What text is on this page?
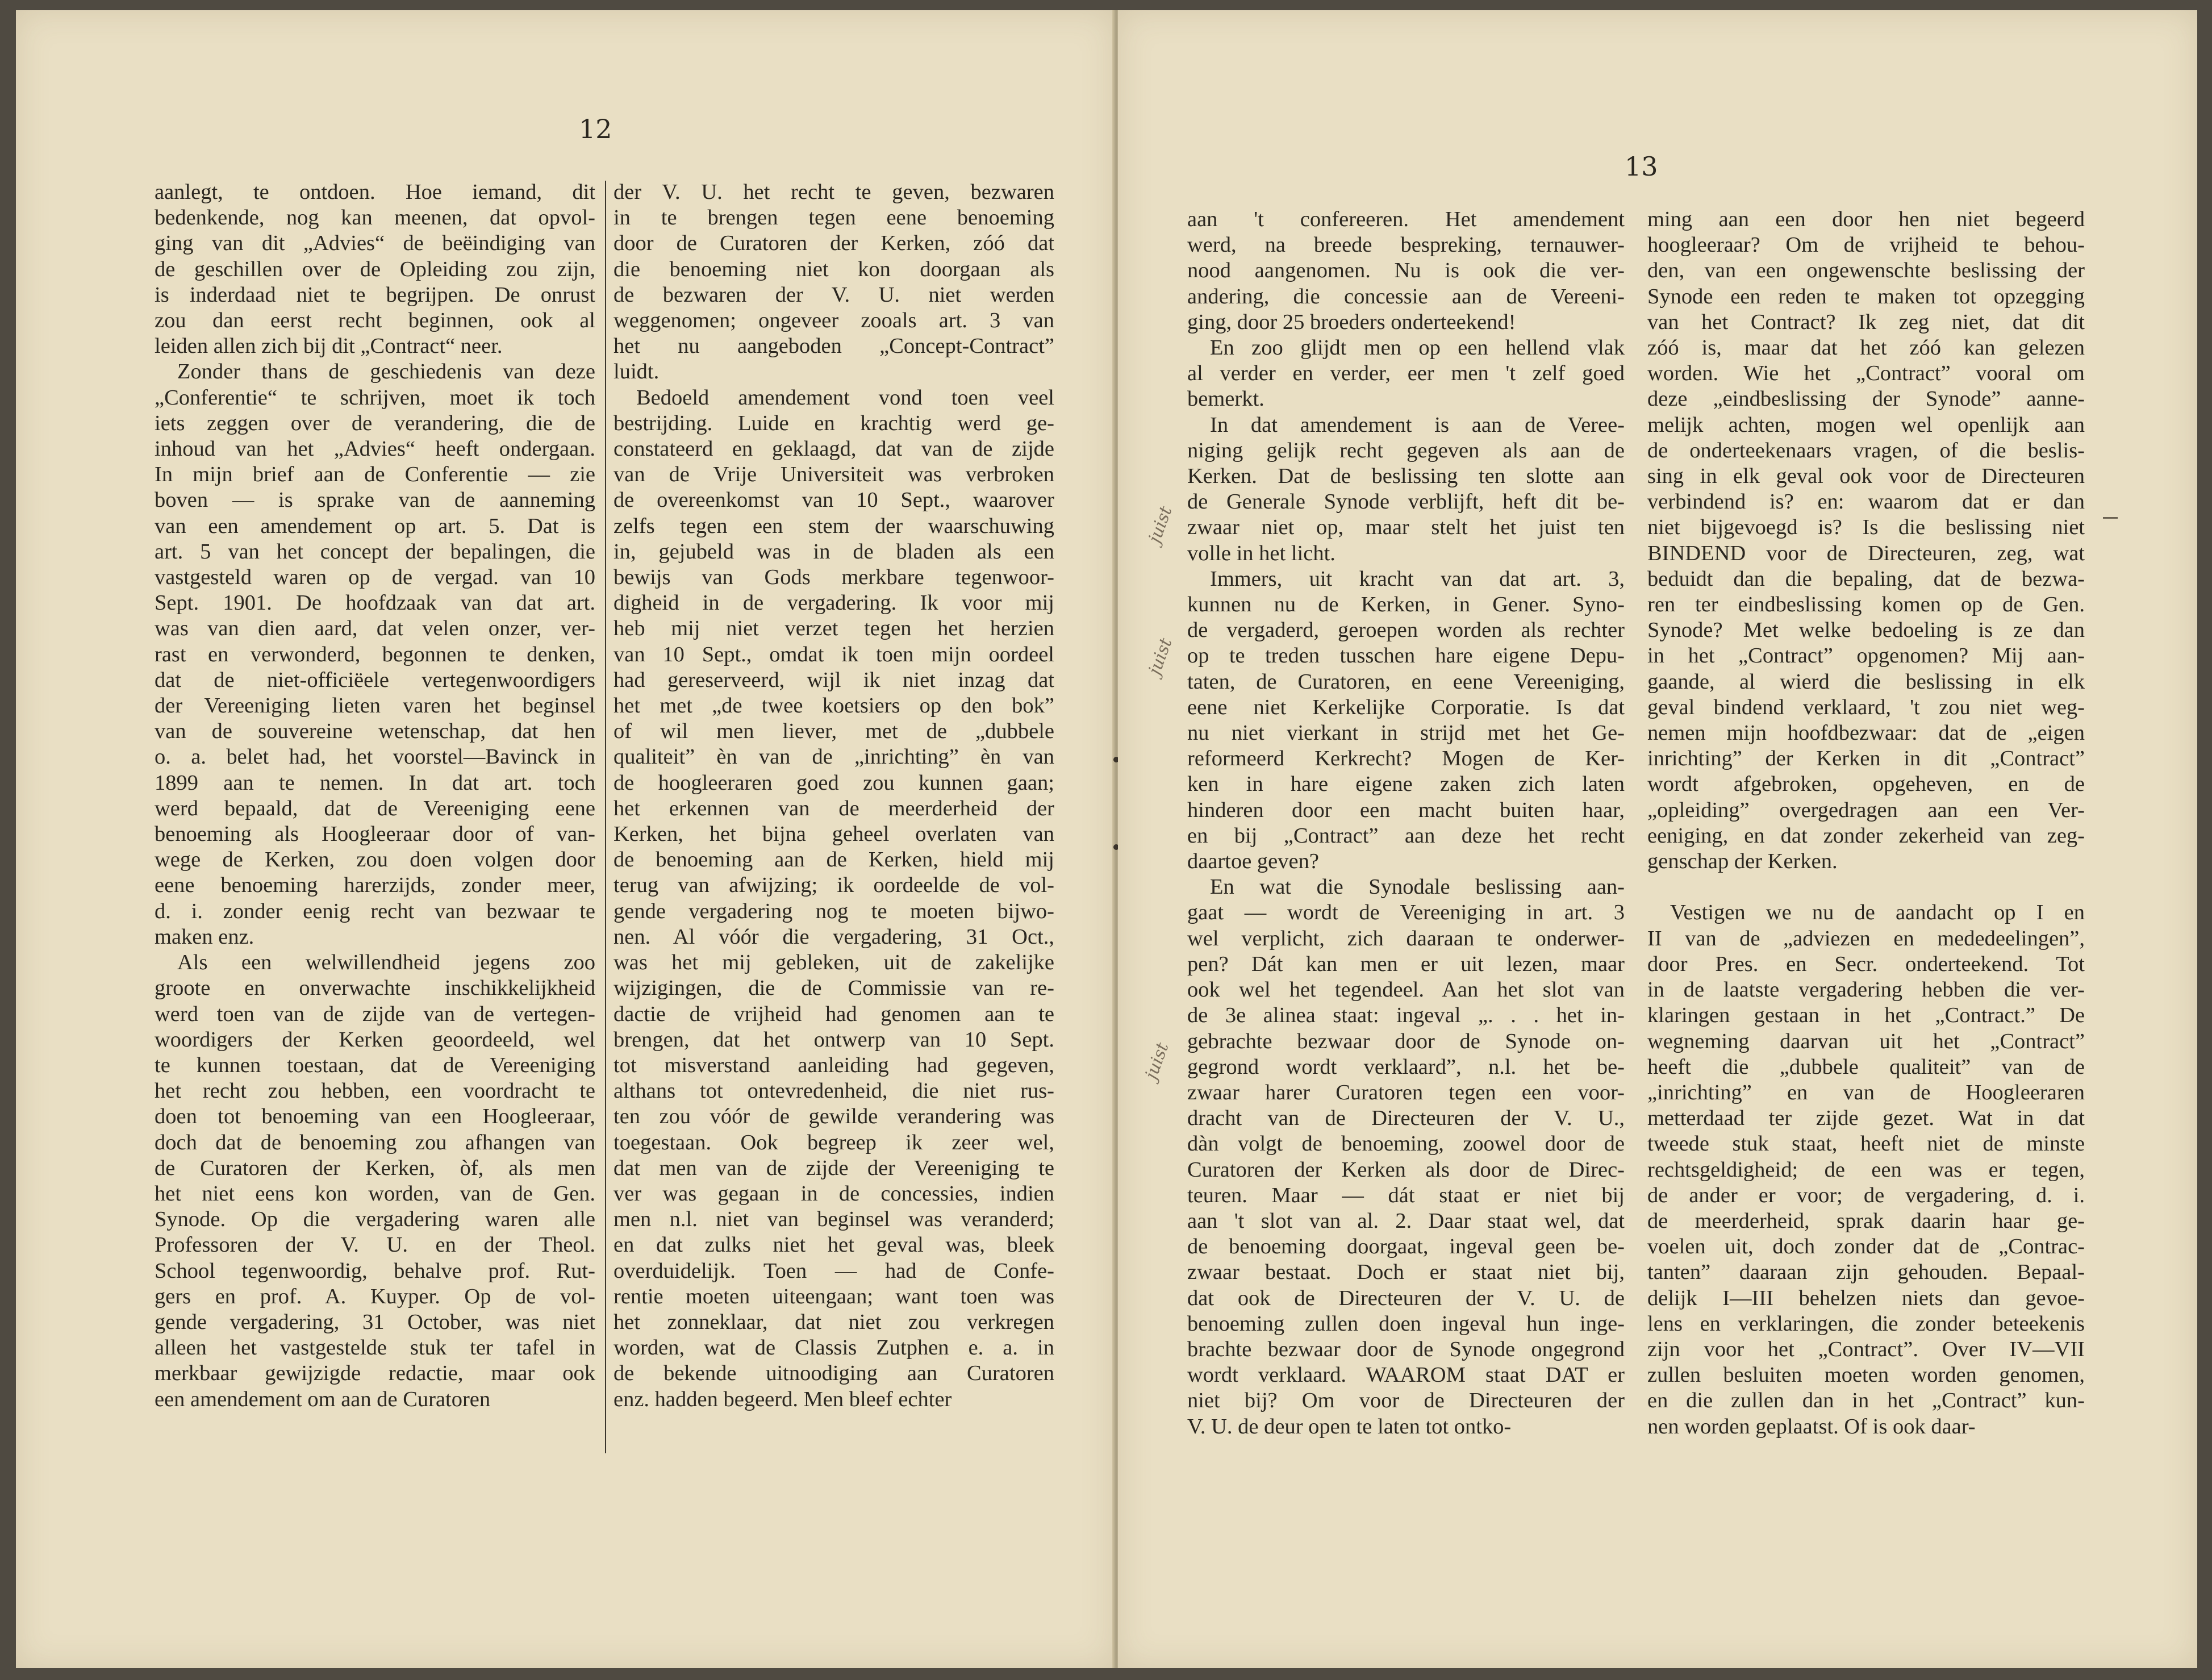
12
aanlegt, te ontdoen. Hoe iemand, dit
bedenkende, nog kan meenen, dat opvol-
ging van dit „Advies“ de beëindiging van
de geschillen over de Opleiding zou zijn,
is inderdaad niet te begrijpen. De onrust
zou dan eerst recht beginnen, ook al
leiden allen zich bij dit „Contract“ neer.
Zonder thans de geschiedenis van deze
„Conferentie“ te schrijven, moet ik toch
iets zeggen over de verandering, die de
inhoud van het „Advies“ heeft ondergaan.
In mijn brief aan de Conferentie — zie
boven — is sprake van de aanneming
van een amendement op art. 5. Dat is
art. 5 van het concept der bepalingen, die
vastgesteld waren op de vergad. van 10
Sept. 1901. De hoofdzaak van dat art.
was van dien aard, dat velen onzer, ver-
rast en verwonderd, begonnen te denken,
dat de niet-officiëele vertegenwoordigers
der Vereeniging lieten varen het beginsel
van de souvereine wetenschap, dat hen
o. a. belet had, het voorstel—Bavinck in
1899 aan te nemen. In dat art. toch
werd bepaald, dat de Vereeniging eene
benoeming als Hoogleeraar door of van-
wege de Kerken, zou doen volgen door
eene benoeming harerzijds, zonder meer,
d. i. zonder eenig recht van bezwaar te
maken enz.
Als een welwillendheid jegens zoo
groote en onverwachte inschikkelijkheid
werd toen van de zijde van de vertegen-
woordigers der Kerken geoordeeld, wel
te kunnen toestaan, dat de Vereeniging
het recht zou hebben, een voordracht te
doen tot benoeming van een Hoogleeraar,
doch dat de benoeming zou afhangen van
de Curatoren der Kerken, òf, als men
het niet eens kon worden, van de Gen.
Synode. Op die vergadering waren alle
Professoren der V. U. en der Theol.
School tegenwoordig, behalve prof. Rut-
gers en prof. A. Kuyper. Op de vol-
gende vergadering, 31 October, was niet
alleen het vastgestelde stuk ter tafel in
merkbaar gewijzigde redactie, maar ook
een amendement om aan de Curatoren
der V. U. het recht te geven, bezwaren
in te brengen tegen eene benoeming
door de Curatoren der Kerken, zóó dat
die benoeming niet kon doorgaan als
de bezwaren der V. U. niet werden
weggenomen; ongeveer zooals art. 3 van
het nu aangeboden „Concept-Contract”
luidt.
Bedoeld amendement vond toen veel
bestrijding. Luide en krachtig werd ge-
constateerd en geklaagd, dat van de zijde
van de Vrije Universiteit was verbroken
de overeenkomst van 10 Sept., waarover
zelfs tegen een stem der waarschuwing
in, gejubeld was in de bladen als een
bewijs van Gods merkbare tegenwoor-
digheid in de vergadering. Ik voor mij
heb mij niet verzet tegen het herzien
van 10 Sept., omdat ik toen mijn oordeel
had gereserveerd, wijl ik niet inzag dat
het met „de twee koetsiers op den bok”
of wil men liever, met de „dubbele
qualiteit” èn van de „inrichting” èn van
de hoogleeraren goed zou kunnen gaan;
het erkennen van de meerderheid der
Kerken, het bijna geheel overlaten van
de benoeming aan de Kerken, hield mij
terug van afwijzing; ik oordeelde de vol-
gende vergadering nog te moeten bijwo-
nen. Al vóór die vergadering, 31 Oct.,
was het mij gebleken, uit de zakelijke
wijzigingen, die de Commissie van re-
dactie de vrijheid had genomen aan te
brengen, dat het ontwerp van 10 Sept.
tot misverstand aanleiding had gegeven,
althans tot ontevredenheid, die niet rus-
ten zou vóór de gewilde verandering was
toegestaan. Ook begreep ik zeer wel,
dat men van de zijde der Vereeniging te
ver was gegaan in de concessies, indien
men n.l. niet van beginsel was veranderd;
en dat zulks niet het geval was, bleek
overduidelijk. Toen — had de Confe-
rentie moeten uiteengaan; want toen was
het zonneklaar, dat niet zou verkregen
worden, wat de Classis Zutphen e. a. in
de bekende uitnoodiging aan Curatoren
enz. hadden begeerd. Men bleef echter
13
aan 't confereeren. Het amendement
werd, na breede bespreking, ternauwer-
nood aangenomen. Nu is ook die ver-
andering, die concessie aan de Vereeni-
ging, door 25 broeders onderteekend!
En zoo glijdt men op een hellend vlak
al verder en verder, eer men 't zelf goed
bemerkt.
In dat amendement is aan de Veree-
niging gelijk recht gegeven als aan de
Kerken. Dat de beslissing ten slotte aan
de Generale Synode verblijft, heft dit be-
zwaar niet op, maar stelt het juist ten
volle in het licht.
Immers, uit kracht van dat art. 3,
kunnen nu de Kerken, in Gener. Syno-
de vergaderd, geroepen worden als rechter
op te treden tusschen hare eigene Depu-
taten, de Curatoren, en eene Vereeniging,
eene niet Kerkelijke Corporatie. Is dat
nu niet vierkant in strijd met het Ge-
reformeerd Kerkrecht? Mogen de Ker-
ken in hare eigene zaken zich laten
hinderen door een macht buiten haar,
en bij „Contract” aan deze het recht
daartoe geven?
En wat die Synodale beslissing aan-
gaat — wordt de Vereeniging in art. 3
wel verplicht, zich daaraan te onderwer-
pen? Dát kan men er uit lezen, maar
ook wel het tegendeel. Aan het slot van
de 3e alinea staat: ingeval „. . . het in-
gebrachte bezwaar door de Synode on-
gegrond wordt verklaard”, n.l. het be-
zwaar harer Curatoren tegen een voor-
dracht van de Directeuren der V. U.,
dàn volgt de benoeming, zoowel door de
Curatoren der Kerken als door de Direc-
teuren. Maar — dát staat er niet bij
aan 't slot van al. 2. Daar staat wel, dat
de benoeming doorgaat, ingeval geen be-
zwaar bestaat. Doch er staat niet bij,
dat ook de Directeuren der V. U. de
benoeming zullen doen ingeval hun inge-
brachte bezwaar door de Synode ongegrond
wordt verklaard. WAAROM staat DAT er
niet bij? Om voor de Directeuren der
V. U. de deur open te laten tot ontko-
ming aan een door hen niet begeerd
hoogleeraar? Om de vrijheid te behou-
den, van een ongewenschte beslissing der
Synode een reden te maken tot opzegging
van het Contract? Ik zeg niet, dat dit
zóó is, maar dat het zóó kan gelezen
worden. Wie het „Contract” vooral om
deze „eindbeslissing der Synode” aanne-
melijk achten, mogen wel openlijk aan
de onderteekenaars vragen, of die beslis-
sing in elk geval ook voor de Directeuren
verbindend is? en: waarom dat er dan
niet bijgevoegd is? Is die beslissing niet
BINDEND voor de Directeuren, zeg, wat
beduidt dan die bepaling, dat de bezwa-
ren ter eindbeslissing komen op de Gen.
Synode? Met welke bedoeling is ze dan
in het „Contract” opgenomen? Mij aan-
gaande, al wierd die beslissing in elk
geval bindend verklaard, 't zou niet weg-
nemen mijn hoofdbezwaar: dat de „eigen
inrichting” der Kerken in dit „Contract”
wordt afgebroken, opgeheven, en de
„opleiding” overgedragen aan een Ver-
eeniging, en dat zonder zekerheid van zeg-
genschap der Kerken.

Vestigen we nu de aandacht op I en
II van de „adviezen en mededeelingen”,
door Pres. en Secr. onderteekend. Tot
in de laatste vergadering hebben die ver-
klaringen gestaan in het „Contract.” De
wegneming daarvan uit het „Contract”
heeft die „dubbele qualiteit” van de
„inrichting” en van de Hoogleeraren
metterdaad ter zijde gezet. Wat in dat
tweede stuk staat, heeft niet de minste
rechtsgeldigheid; de een was er tegen,
de ander er voor; de vergadering, d. i.
de meerderheid, sprak daarin haar ge-
voelen uit, doch zonder dat de „Contrac-
tanten” daaraan zijn gehouden. Bepaal-
delijk I—III behelzen niets dan gevoe-
lens en verklaringen, die zonder beteekenis
zijn voor het „Contract”. Over IV—VII
zullen besluiten moeten worden genomen,
en die zullen dan in het „Contract” kun-
nen worden geplaatst. Of is ook daar-
juist
juist
juist
